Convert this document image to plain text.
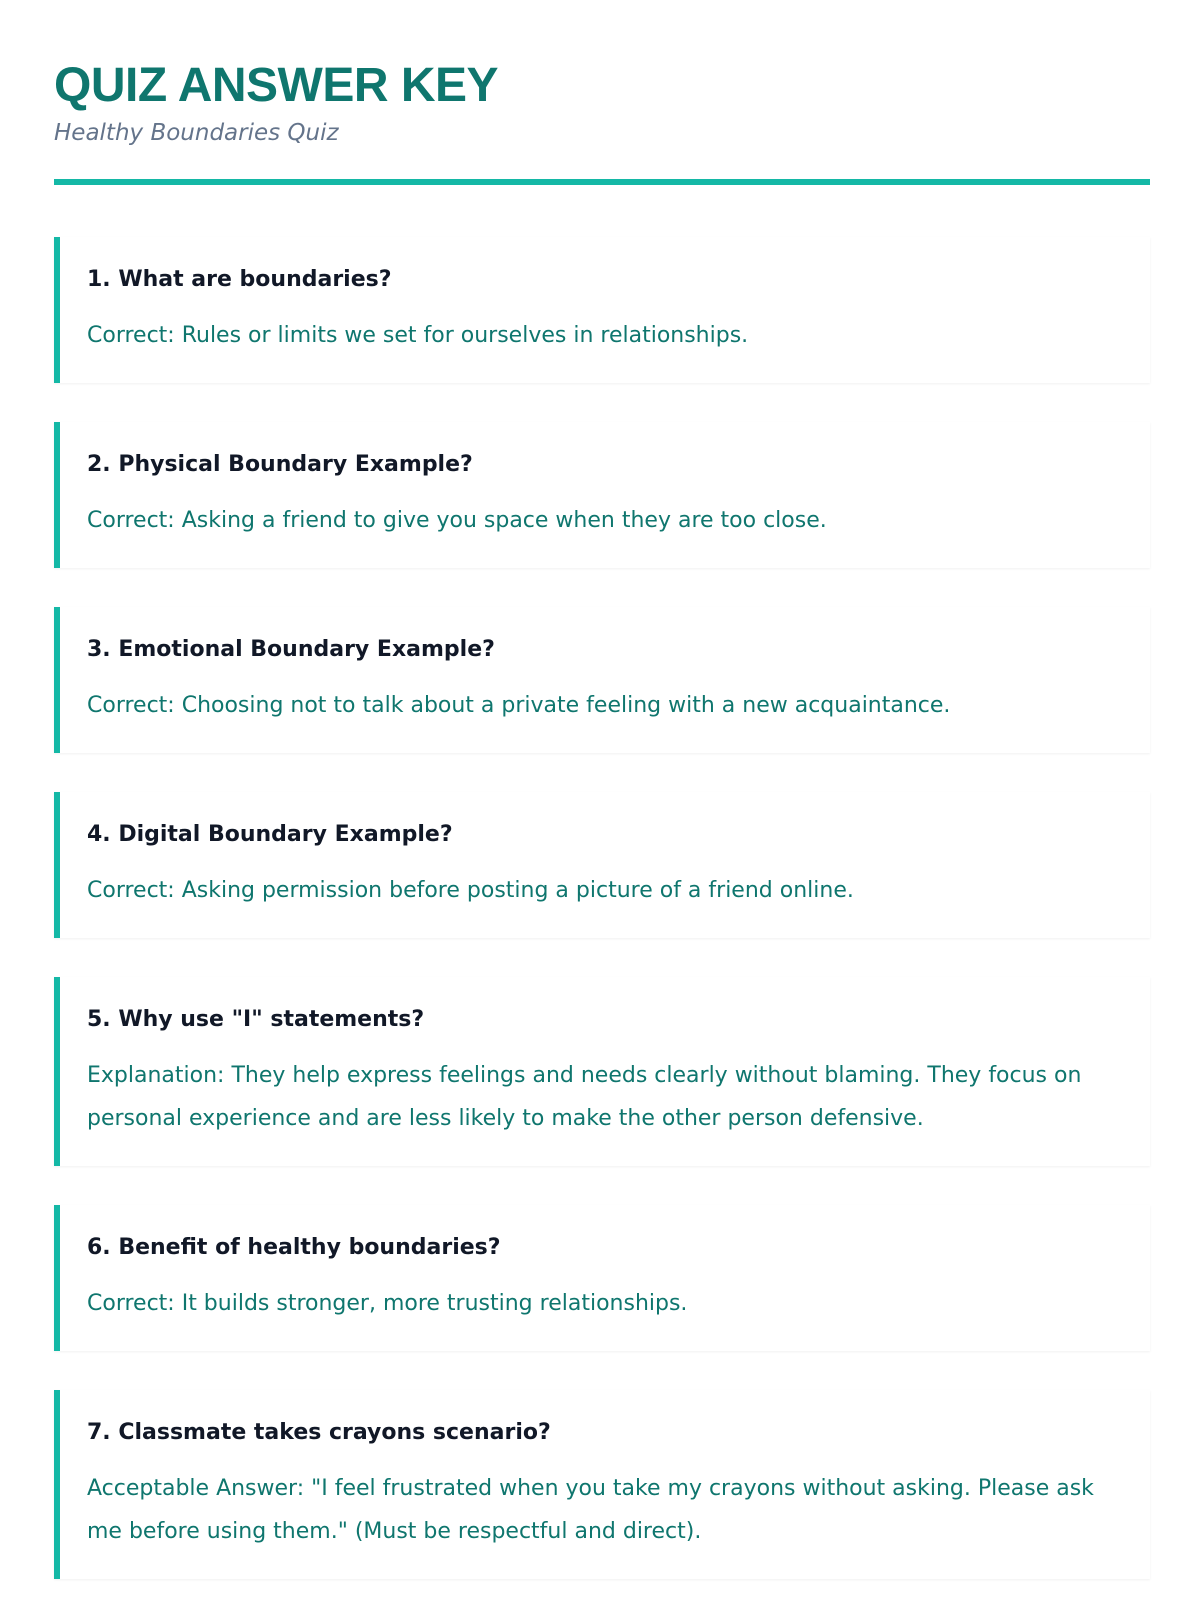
QUIZ ANSWER KEY
Healthy Boundaries Quiz
1. What are boundaries?
Correct: Rules or limits we set for ourselves in relationships.
2. Physical Boundary Example?
Correct: Asking a friend to give you space when they are too close.
3. Emotional Boundary Example?
Correct: Choosing not to talk about a private feeling with a new acquaintance.
4. Digital Boundary Example?
Correct: Asking permission before posting a picture of a friend online.
5. Why use "I" statements?
Explanation: They help express feelings and needs clearly without blaming. They focus on personal experience and are less likely to make the other person defensive.
6. Benefit of healthy boundaries?
Correct: It builds stronger, more trusting relationships.
7. Classmate takes crayons scenario?
Acceptable Answer: "I feel frustrated when you take my crayons without asking. Please ask me before using them." (Must be respectful and direct).
